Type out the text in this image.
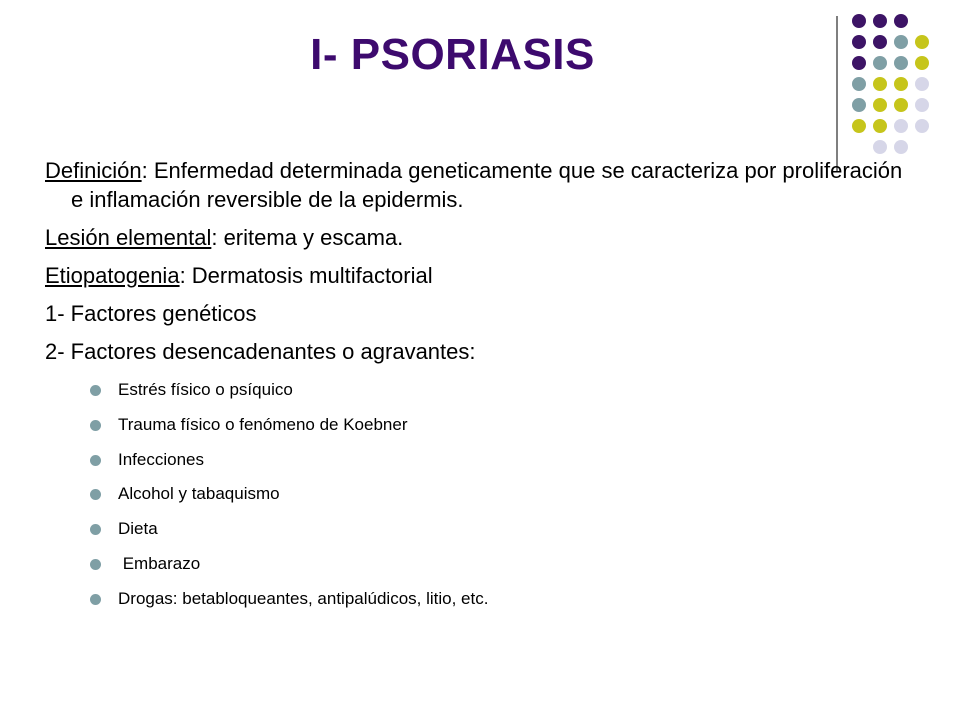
I- PSORIASIS

Definición: Enfermedad determinada geneticamente que se caracteriza por proliferación e inflamación reversible de la epidermis.

Lesión elemental: eritema y escama.

Etiopatogenia: Dermatosis multifactorial

1- Factores genéticos

2- Factores desencadenantes o agravantes:

Estrés físico o psíquico
Trauma físico o fenómeno de Koebner
Infecciones
Alcohol y tabaquismo
Dieta
Embarazo
Drogas: betabloqueantes, antipalúdicos, litio, etc.
